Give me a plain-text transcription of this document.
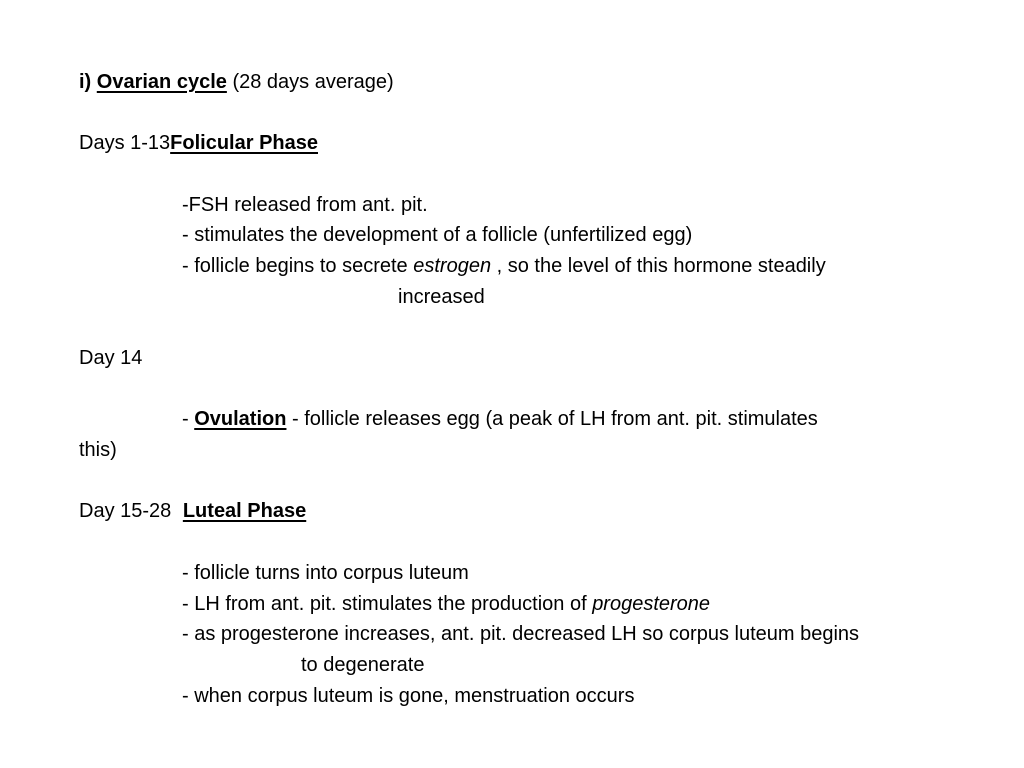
i) Ovarian cycle (28 days average)
Days 1-13Folicular Phase
-FSH released from ant. pit.
- stimulates the development of a follicle (unfertilized egg)
- follicle begins to secrete estrogen , so the level of this hormone steadily
increased
Day 14
- Ovulation - follicle releases egg (a peak of LH from ant. pit. stimulates
this)
Day 15-28 Luteal Phase
- follicle turns into corpus luteum
- LH from ant. pit. stimulates the production of progesterone
- as progesterone increases, ant. pit. decreased LH so corpus luteum begins
to degenerate
- when corpus luteum is gone, menstruation occurs
